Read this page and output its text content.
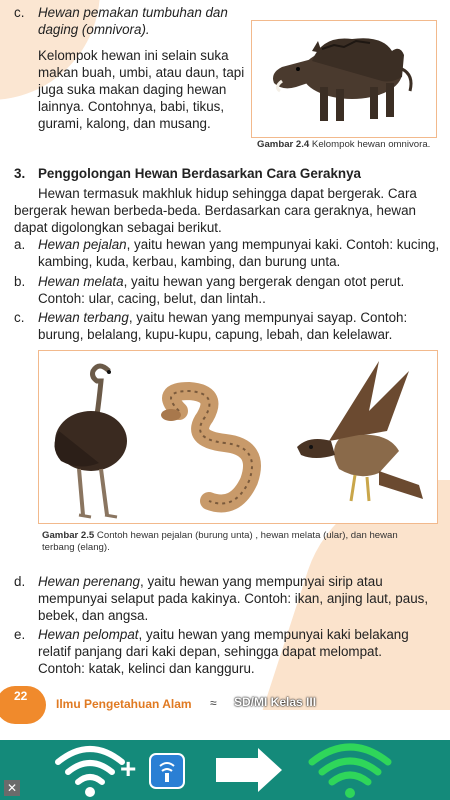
c. Hewan pemakan tumbuhan dan
daging (omnivora).
Kelompok hewan ini selain suka
makan buah, umbi, atau daun, tapi
juga suka makan daging hewan
lainnya. Contohnya, babi, tikus,
gurami, kalong, dan musang.
Gambar 2.4 Kelompok hewan omnivora.
3. Penggolongan Hewan Berdasarkan Cara Geraknya
Hewan termasuk makhluk hidup sehingga dapat bergerak. Cara
bergerak hewan berbeda-beda. Berdasarkan cara geraknya, hewan
dapat digolongkan sebagai berikut.
a. Hewan pejalan, yaitu hewan yang mempunyai kaki. Contoh: kucing,
kambing, kuda, kerbau, kambing, dan burung unta.
b. Hewan melata, yaitu hewan yang bergerak dengan otot perut.
Contoh: ular, cacing, belut, dan lintah..
c. Hewan terbang, yaitu hewan yang mempunyai sayap. Contoh:
burung, belalang, kupu-kupu, capung, lebah, dan kelelawar.
Gambar 2.5 Contoh hewan pejalan (burung unta) , hewan melata (ular), dan hewan
terbang (elang).
d. Hewan perenang, yaitu hewan yang mempunyai sirip atau
mempunyai selaput pada kakinya. Contoh: ikan, anjing laut, paus,
bebek, dan angsa.
e. Hewan pelompat, yaitu hewan yang mempunyai kaki belakang
relatif panjang dari kaki depan, sehingga dapat melompat.
Contoh: katak, kelinci dan kangguru.
22
Ilmu Pengetahuan Alam ≈ SD/MI Kelas III
+
✕
